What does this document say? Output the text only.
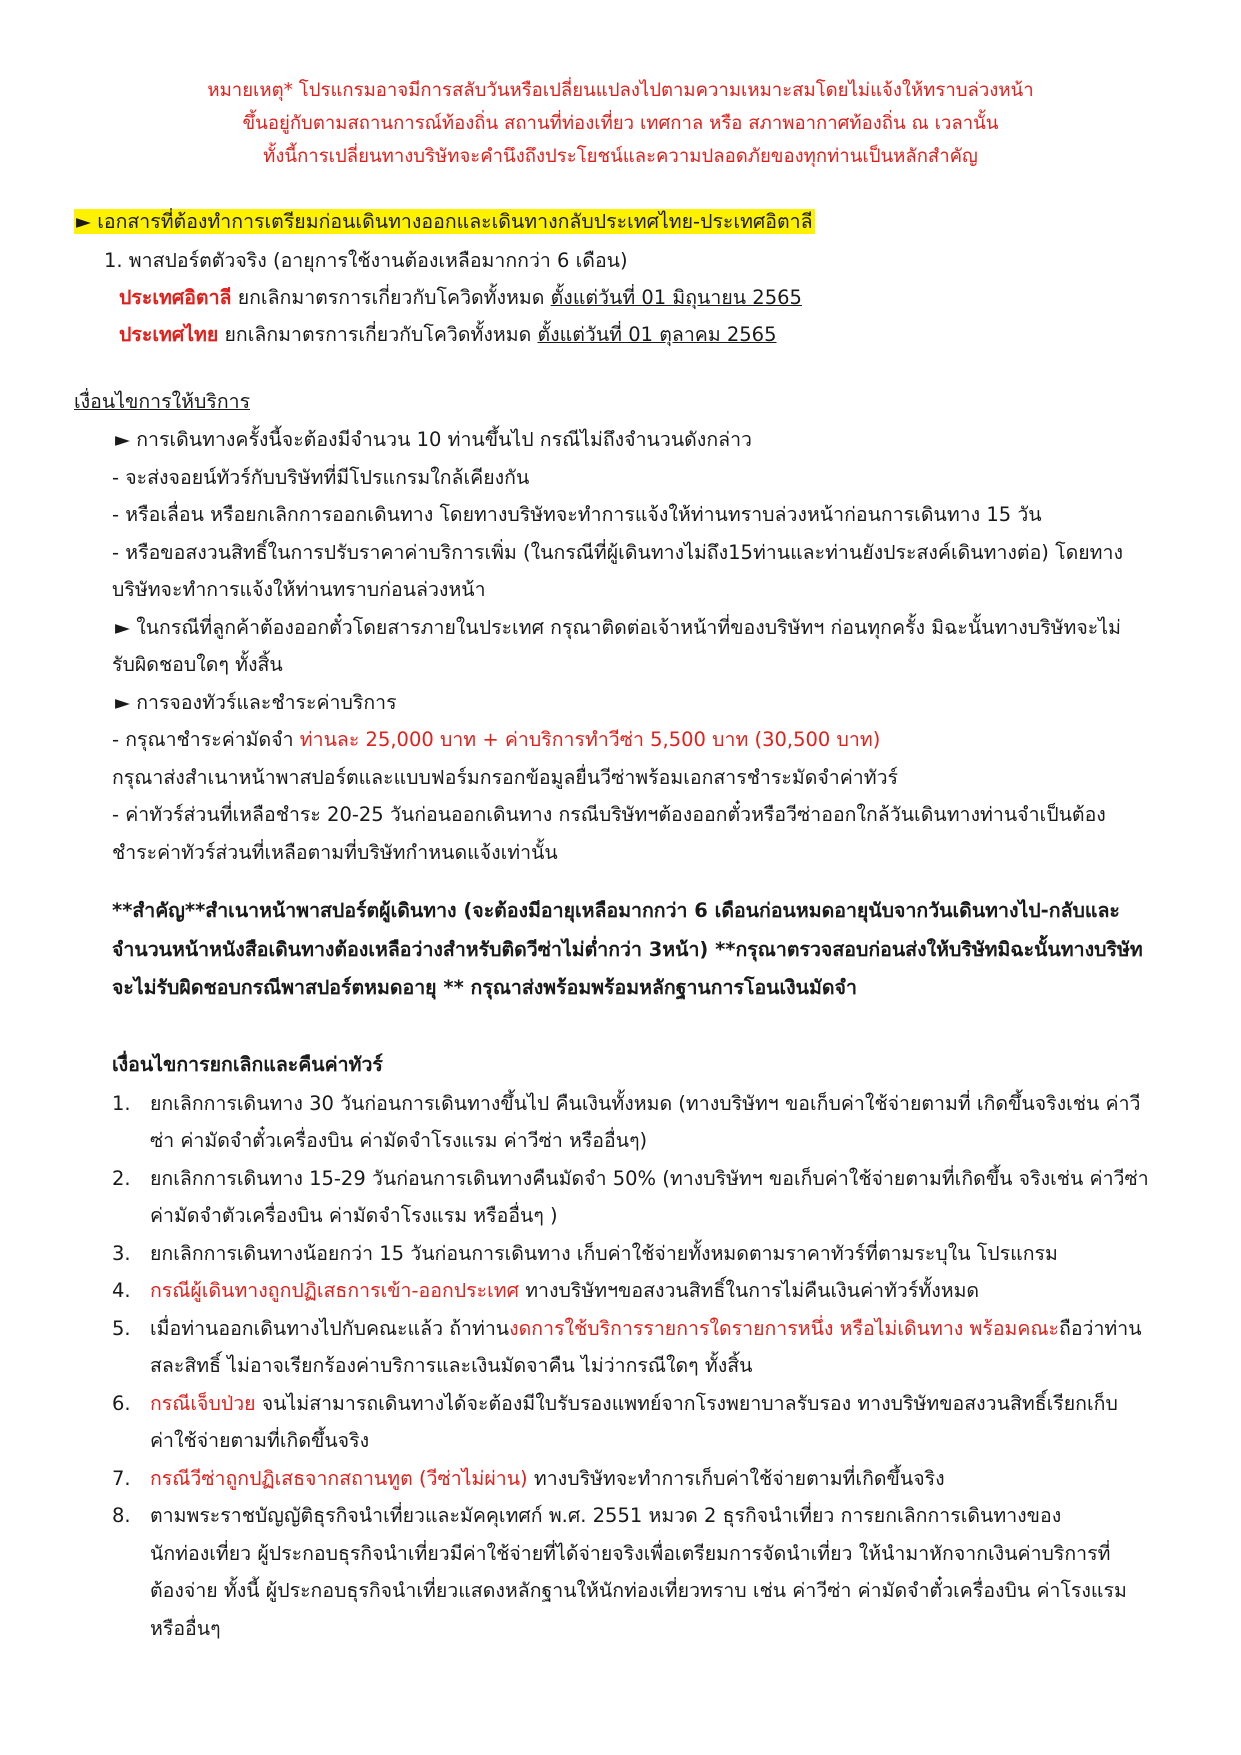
หมายเหตุ* โปรแกรมอาจมีการสลับวันหรือเปลี่ยนแปลงไปตามความเหมาะสมโดยไม่แจ้งให้ทราบล่วงหน้า
ขึ้นอยู่กับตามสถานการณ์ท้องถิ่น สถานที่ท่องเที่ยว เทศกาล หรือ สภาพอากาศท้องถิ่น ณ เวลานั้น
ทั้งนี้การเปลี่ยนทางบริษัทจะคำนึงถึงประโยชน์และความปลอดภัยของทุกท่านเป็นหลักสำคัญ
► เอกสารที่ต้องทำการเตรียมก่อนเดินทางออกและเดินทางกลับประเทศไทย-ประเทศอิตาลี
1. พาสปอร์ตตัวจริง (อายุการใช้งานต้องเหลือมากกว่า 6 เดือน)
ประเทศอิตาลี ยกเลิกมาตรการเกี่ยวกับโควิดทั้งหมด ตั้งแต่วันที่ 01 มิถุนายน 2565
ประเทศไทย ยกเลิกมาตรการเกี่ยวกับโควิดทั้งหมด ตั้งแต่วันที่ 01 ตุลาคม 2565
เงื่อนไขการให้บริการ
► การเดินทางครั้งนี้จะต้องมีจำนวน 10 ท่านขึ้นไป กรณีไม่ถึงจำนวนดังกล่าว
- จะส่งจอยน์ทัวร์กับบริษัทที่มีโปรแกรมใกล้เคียงกัน
- หรือเลื่อน หรือยกเลิกการออกเดินทาง โดยทางบริษัทจะทำการแจ้งให้ท่านทราบล่วงหน้าก่อนการเดินทาง 15 วัน
- หรือขอสงวนสิทธิ์ในการปรับราคาค่าบริการเพิ่ม (ในกรณีที่ผู้เดินทางไม่ถึง15ท่านและท่านยังประสงค์เดินทางต่อ) โดยทาง
บริษัทจะทำการแจ้งให้ท่านทราบก่อนล่วงหน้า
► ในกรณีที่ลูกค้าต้องออกตั๋วโดยสารภายในประเทศ กรุณาติดต่อเจ้าหน้าที่ของบริษัทฯ ก่อนทุกครั้ง มิฉะนั้นทางบริษัทจะไม่
รับผิดชอบใดๆ ทั้งสิ้น
► การจองทัวร์และชำระค่าบริการ
- กรุณาชำระค่ามัดจำ ท่านละ 25,000 บาท + ค่าบริการทำวีซ่า 5,500 บาท (30,500 บาท)
กรุณาส่งสำเนาหน้าพาสปอร์ตและแบบฟอร์มกรอกข้อมูลยื่นวีซ่าพร้อมเอกสารชำระมัดจำค่าทัวร์
- ค่าทัวร์ส่วนที่เหลือชำระ 20-25 วันก่อนออกเดินทาง กรณีบริษัทฯต้องออกตั๋วหรือวีซ่าออกใกล้วันเดินทางท่านจำเป็นต้อง
ชำระค่าทัวร์ส่วนที่เหลือตามที่บริษัทกำหนดแจ้งเท่านั้น
**สำคัญ**สำเนาหน้าพาสปอร์ตผู้เดินทาง (จะต้องมีอายุเหลือมากกว่า 6 เดือนก่อนหมดอายุนับจากวันเดินทางไป-กลับและ
จำนวนหน้าหนังสือเดินทางต้องเหลือว่างสำหรับติดวีซ่าไม่ต่ำกว่า 3หน้า) **กรุณาตรวจสอบก่อนส่งให้บริษัทมิฉะนั้นทางบริษัท
จะไม่รับผิดชอบกรณีพาสปอร์ตหมดอายุ ** กรุณาส่งพร้อมพร้อมหลักฐานการโอนเงินมัดจำ
เงื่อนไขการยกเลิกและคืนค่าทัวร์
1. ยกเลิกการเดินทาง 30 วันก่อนการเดินทางขึ้นไป คืนเงินทั้งหมด (ทางบริษัทฯ ขอเก็บค่าใช้จ่ายตามที่ เกิดขึ้นจริงเช่น ค่าวี
ซ่า ค่ามัดจำตั๋วเครื่องบิน ค่ามัดจำโรงแรม ค่าวีซ่า หรืออื่นๆ)
2. ยกเลิกการเดินทาง 15-29 วันก่อนการเดินทางคืนมัดจำ 50% (ทางบริษัทฯ ขอเก็บค่าใช้จ่ายตามที่เกิดขึ้น จริงเช่น ค่าวีซ่า
ค่ามัดจำตัวเครื่องบิน ค่ามัดจำโรงแรม หรืออื่นๆ )
3. ยกเลิกการเดินทางน้อยกว่า 15 วันก่อนการเดินทาง เก็บค่าใช้จ่ายทั้งหมดตามราคาทัวร์ที่ตามระบุใน โปรแกรม
4. กรณีผู้เดินทางถูกปฏิเสธการเข้า-ออกประเทศ ทางบริษัทฯขอสงวนสิทธิ์ในการไม่คืนเงินค่าทัวร์ทั้งหมด
5. เมื่อท่านออกเดินทางไปกับคณะแล้ว ถ้าท่านงดการใช้บริการรายการใดรายการหนึ่ง หรือไม่เดินทาง พร้อมคณะถือว่าท่าน
สละสิทธิ์ ไม่อาจเรียกร้องค่าบริการและเงินมัดจาคืน ไม่ว่ากรณีใดๆ ทั้งสิ้น
6. กรณีเจ็บป่วย จนไม่สามารถเดินทางได้จะต้องมีใบรับรองแพทย์จากโรงพยาบาลรับรอง ทางบริษัทขอสงวนสิทธิ์เรียกเก็บ
ค่าใช้จ่ายตามที่เกิดขึ้นจริง
7. กรณีวีซ่าถูกปฏิเสธจากสถานทูต (วีซ่าไม่ผ่าน) ทางบริษัทจะทำการเก็บค่าใช้จ่ายตามที่เกิดขึ้นจริง
8. ตามพระราชบัญญัติธุรกิจนำเที่ยวและมัคคุเทศก์ พ.ศ. 2551 หมวด 2 ธุรกิจนำเที่ยว การยกเลิกการเดินทางของ
นักท่องเที่ยว ผู้ประกอบธุรกิจนำเที่ยวมีค่าใช้จ่ายที่ได้จ่ายจริงเพื่อเตรียมการจัดนำเที่ยว ให้นำมาหักจากเงินค่าบริการที่
ต้องจ่าย ทั้งนี้ ผู้ประกอบธุรกิจนำเที่ยวแสดงหลักฐานให้นักท่องเที่ยวทราบ เช่น ค่าวีซ่า ค่ามัดจำตั๋วเครื่องบิน ค่าโรงแรม
หรืออื่นๆ
